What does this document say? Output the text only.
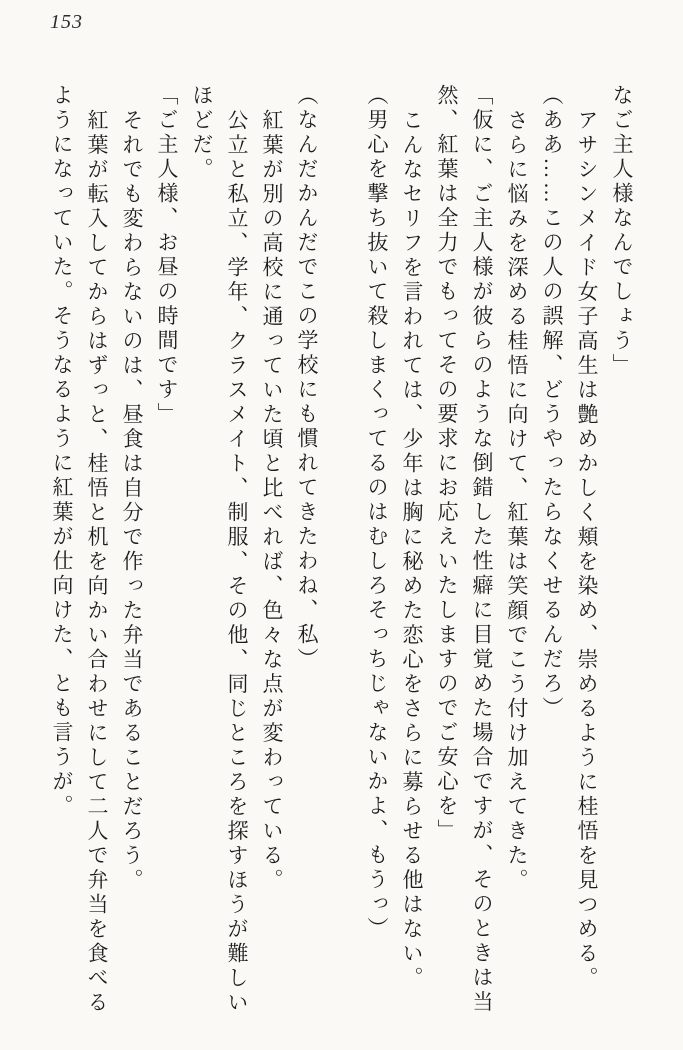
153

なご主人様なんでしょう」

アサシンメイド女子高生は艶めかしく頬を染め、崇めるように桂悟を見つめる。

（ああ……この人の誤解、どうやったらなくせるんだろ）

さらに悩みを深める桂悟に向けて、紅葉は笑顔でこう付け加えてきた。

「仮に、ご主人様が彼らのような倒錯した性癖に目覚めた場合ですが、そのときは当

然、紅葉は全力でもってその要求にお応えいたしますのでご安心を」

こんなセリフを言われては、少年は胸に秘めた恋心をさらに募らせる他はない。

（男心を撃ち抜いて殺しまくってるのはむしろそっちじゃないかよ、もうっ）

（なんだかんだでこの学校にも慣れてきたわね、私）

紅葉が別の高校に通っていた頃と比べれば、色々な点が変わっている。

公立と私立、学年、クラスメイト、制服、その他、同じところを探すほうが難しい

ほどだ。

「ご主人様、お昼の時間です」

それでも変わらないのは、昼食は自分で作った弁当であることだろう。

紅葉が転入してからはずっと、桂悟と机を向かい合わせにして二人で弁当を食べる

ようになっていた。そうなるように紅葉が仕向けた、とも言うが。
